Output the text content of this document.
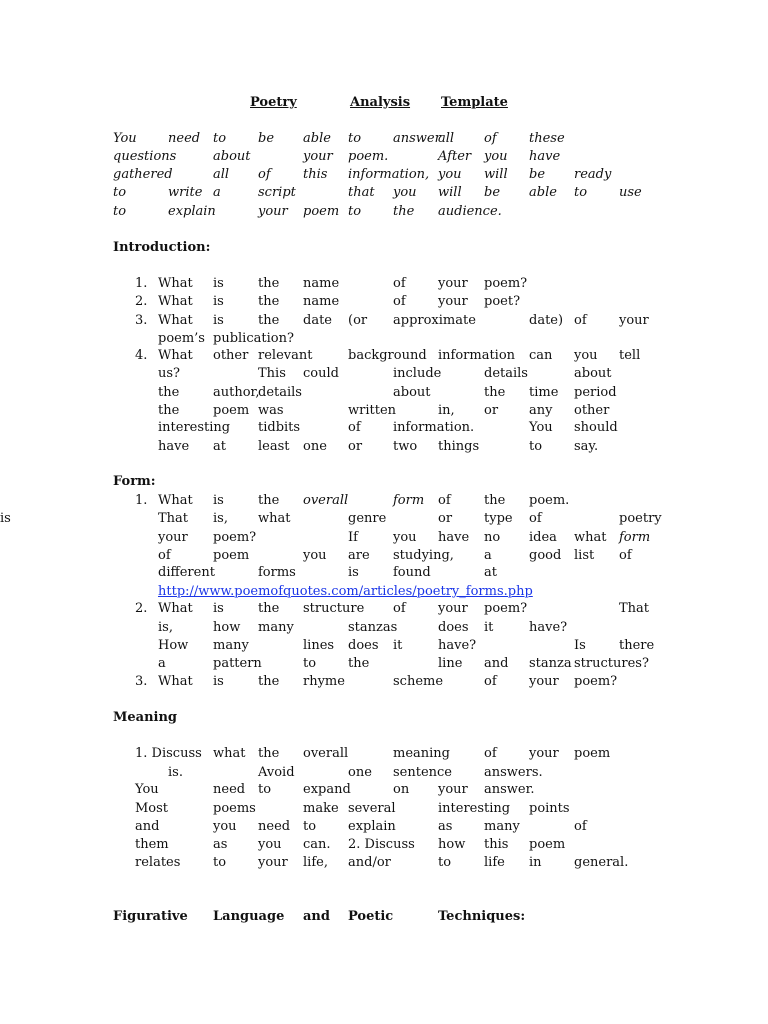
Poetry	Analysis Template
You need to be able to answer
all of these
questions	about	your poem.	After you have
gathered	all of this information, you will be ready
to	write a	script	that you will be able to use
to	explain	your poem to the audience.
Introduction:
1. What is	the name	of your poem?
2. What is	the name	of your poet?
3. What is	the date (or approximate	date) of your
poem’s publication?
4. What other relevant	background information can you tell
us?	This could	include	details	about
the	author,
details	about	the time period
the	poem was	written	in, or any other
interesting tidbits	of information.	You should
have at least one or two things	to say.
Form:
1. What is	the overall	form of	the poem.
That is, what	genre	or type of	poetry
is
your poem?	If	you have no idea what form
of	poem	you are studying, a	good list of
different	forms	is	found	at
http://www.poemofquotes.com/articles/poetry_forms.php
2. What is	the structure of your poem?	That
is,	how many	stanzas	does it	have?
How many	lines does it	have?	Is	there
a	pattern	to the	line and stanza structures?
3. What is	the rhyme	scheme	of your poem?
Meaning
1. Discuss what the overall	meaning	of your poem
is.	Avoid	one sentence answers.
You	need to expand	on your answer.
Most	poems	make several	interesting points
and	you need to explain	as many	of
them	as you can. 2. Discuss how this poem
relates	to your life, and/or	to	life in general.
Figurative Language and Poetic	Techniques:
